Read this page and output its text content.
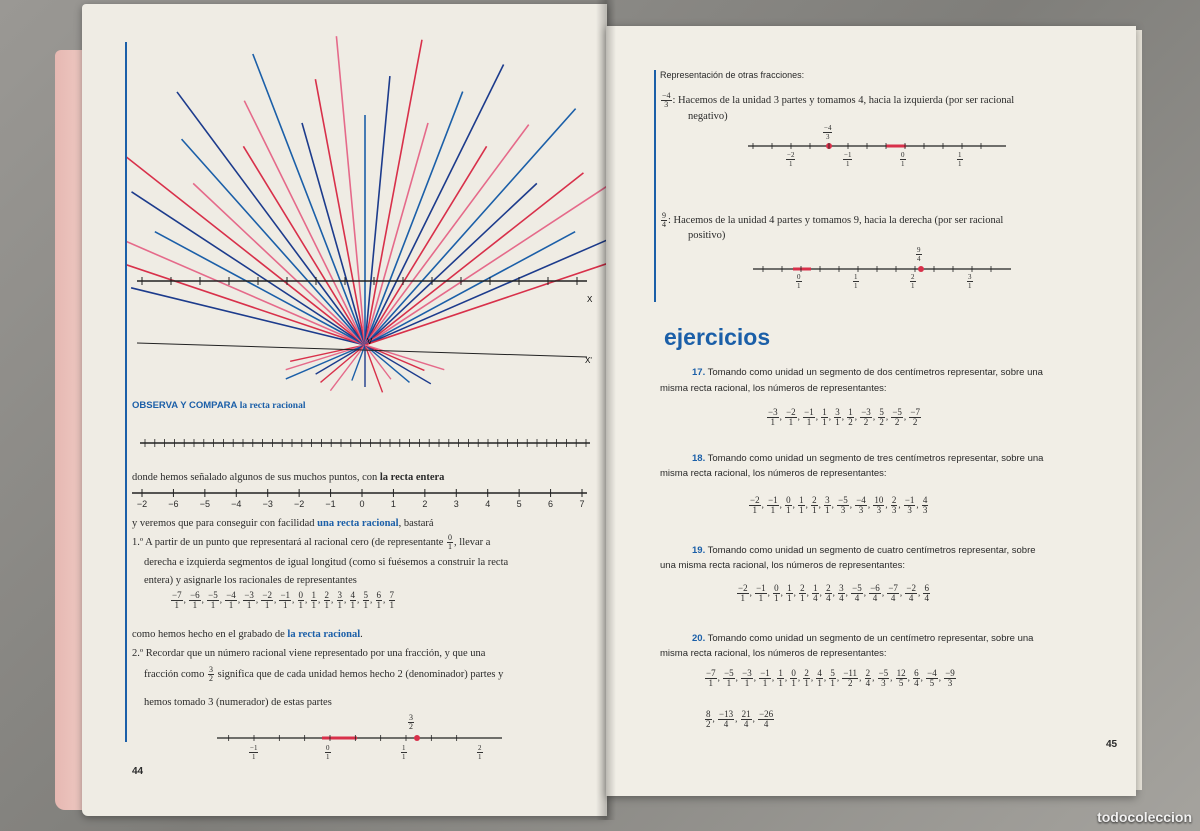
X
X'
V
OBSERVA Y COMPARA la recta racional
donde hemos señalado algunos de sus muchos puntos, con la recta entera
−2	−6	−5	−4	−3	−2	−1	0	1	2	3	4	5	6	7
y veremos que para conseguir con facilidad una recta racional, bastará
1.º A partir de un punto que representará al racional cero (de representante $\frac{0}{1}$ , llevar a
derecha e izquierda segmentos de igual longitud (como si fuésemos a construir la recta
entera) y asignarle los racionales de representantes
$\frac{-7}{1}$ , $\frac{-6}{1}$ , $\frac{-5}{1}$ , $\frac{-4}{1}$ , $\frac{-3}{1}$ , $\frac{-2}{1}$ , $\frac{-1}{1}$ , $\frac{0}{1}$ , $\frac{1}{1}$ , $\frac{2}{1}$ , $\frac{3}{1}$ , $\frac{4}{1}$ , $\frac{5}{1}$ , $\frac{6}{1}$ , $\frac{7}{1}$
como hemos hecho en el grabado de la recta racional.
2.º Recordar que un número racional viene representado por una fracción, y que una
fracción como $\frac{3}{2}$ significa que de cada unidad hemos hecho 2 (denominador) partes y
hemos tomado 3 (numerador) de estas partes
$\frac{3}{2}$
$\frac{-1}{1}$	$\frac{0}{1}$	$\frac{1}{1}$	$\frac{2}{1}$
44
Representación de otras fracciones:
$\frac{-4}{3}$ : Hacemos de la unidad 3 partes y tomamos 4, hacia la izquierda (por ser racional
negativo)
$\frac{-4}{3}$
$\frac{-2}{1}$	$\frac{-1}{1}$	$\frac{0}{1}$	$\frac{1}{1}$
$\frac{9}{4}$ : Hacemos de la unidad 4 partes y tomamos 9, hacia la derecha (por ser racional
positivo)
$\frac{9}{4}$
$\frac{0}{1}$	$\frac{1}{1}$	$\frac{2}{1}$	$\frac{3}{1}$
ejercicios
17. Tomando como unidad un segmento de dos centímetros representar, sobre una
misma recta racional, los números de representantes:
$\frac{-3}{1}$ , $\frac{-2}{1}$ , $\frac{-1}{1}$ , $\frac{1}{1}$ , $\frac{3}{1}$ , $\frac{1}{2}$ , $\frac{-3}{2}$ , $\frac{5}{2}$ , $\frac{-5}{2}$ , $\frac{-7}{2}$
18. Tomando como unidad un segmento de tres centímetros representar, sobre una
misma recta racional, los números de representantes:
$\frac{-2}{1}$ , $\frac{-1}{1}$ , $\frac{0}{1}$ , $\frac{1}{1}$ , $\frac{2}{1}$ , $\frac{3}{1}$ , $\frac{-5}{3}$ , $\frac{-4}{3}$ , $\frac{10}{3}$ , $\frac{2}{3}$ , $\frac{-1}{3}$ , $\frac{4}{3}$
19. Tomando como unidad un segmento de cuatro centímetros representar, sobre
una misma recta racional, los números de representantes:
$\frac{-2}{1}$ , $\frac{-1}{1}$ , $\frac{0}{1}$ , $\frac{1}{1}$ , $\frac{2}{1}$ , $\frac{1}{4}$ , $\frac{2}{4}$ , $\frac{3}{4}$ , $\frac{-5}{4}$ , $\frac{-6}{4}$ , $\frac{-7}{4}$ , $\frac{-2}{4}$ , $\frac{6}{4}$
20. Tomando como unidad un segmento de un centímetro representar, sobre una
misma recta racional, los números de representantes:
$\frac{-7}{1}$ , $\frac{-5}{1}$ , $\frac{-3}{1}$ , $\frac{-1}{1}$ , $\frac{1}{1}$ , $\frac{0}{1}$ , $\frac{2}{1}$ , $\frac{4}{1}$ , $\frac{5}{1}$ , $\frac{-11}{2}$ , $\frac{2}{4}$ , $\frac{-5}{3}$ , $\frac{12}{5}$ , $\frac{6}{4}$ , $\frac{-4}{5}$ , $\frac{-9}{3}$
$\frac{8}{2}$ , $\frac{-13}{4}$ , $\frac{21}{4}$ , $\frac{-26}{4}$
45
todocoleccion
